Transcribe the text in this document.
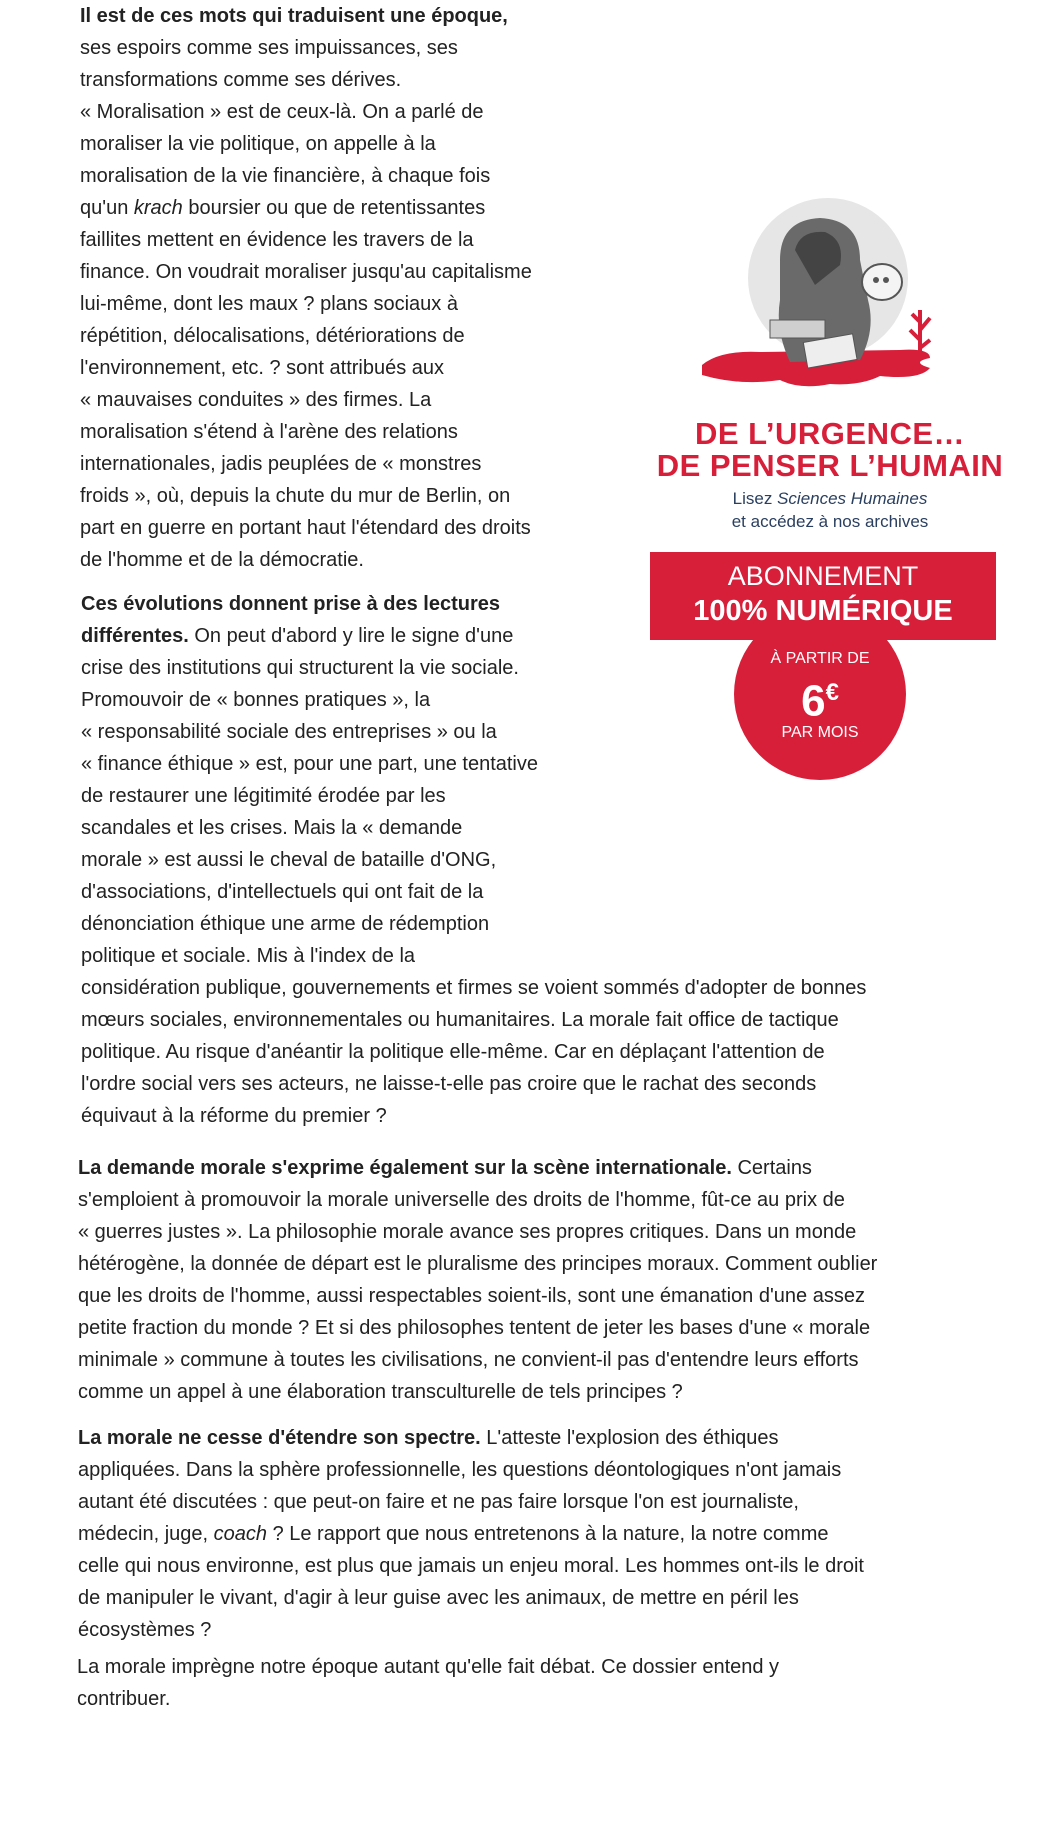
Il est de ces mots qui traduisent une époque,
ses espoirs comme ses impuissances, ses
transformations comme ses dérives.
« Moralisation » est de ceux-là. On a parlé de
moraliser la vie politique, on appelle à la
moralisation de la vie financière, à chaque fois
qu'un krach boursier ou que de retentissantes
faillites mettent en évidence les travers de la
finance. On voudrait moraliser jusqu'au capitalisme
lui-même, dont les maux ? plans sociaux à
répétition, délocalisations, détériorations de
l'environnement, etc. ? sont attribués aux
« mauvaises conduites » des firmes. La
moralisation s'étend à l'arène des relations
internationales, jadis peuplées de « monstres
froids », où, depuis la chute du mur de Berlin, on
part en guerre en portant haut l'étendard des droits
de l'homme et de la démocratie.
Ces évolutions donnent prise à des lectures
différentes. On peut d'abord y lire le signe d'une
crise des institutions qui structurent la vie sociale.
Promouvoir de « bonnes pratiques », la
« responsabilité sociale des entreprises » ou la
« finance éthique » est, pour une part, une tentative
de restaurer une légitimité érodée par les
scandales et les crises. Mais la « demande
morale » est aussi le cheval de bataille d'ONG,
d'associations, d'intellectuels qui ont fait de la
dénonciation éthique une arme de rédemption
politique et sociale. Mis à l'index de la
considération publique, gouvernements et firmes se voient sommés d'adopter de bonnes
mœurs sociales, environnementales ou humanitaires. La morale fait office de tactique
politique. Au risque d'anéantir la politique elle-même. Car en déplaçant l'attention de
l'ordre social vers ses acteurs, ne laisse-t-elle pas croire que le rachat des seconds
équivaut à la réforme du premier ?
La demande morale s'exprime également sur la scène internationale. Certains
s'emploient à promouvoir la morale universelle des droits de l'homme, fût-ce au prix de
« guerres justes ». La philosophie morale avance ses propres critiques. Dans un monde
hétérogène, la donnée de départ est le pluralisme des principes moraux. Comment oublier
que les droits de l'homme, aussi respectables soient-ils, sont une émanation d'une assez
petite fraction du monde ? Et si des philosophes tentent de jeter les bases d'une « morale
minimale » commune à toutes les civilisations, ne convient-il pas d'entendre leurs efforts
comme un appel à une élaboration transculturelle de tels principes ?
La morale ne cesse d'étendre son spectre. L'atteste l'explosion des éthiques
appliquées. Dans la sphère professionnelle, les questions déontologiques n'ont jamais
autant été discutées : que peut-on faire et ne pas faire lorsque l'on est journaliste,
médecin, juge, coach ? Le rapport que nous entretenons à la nature, la notre comme
celle qui nous environne, est plus que jamais un enjeu moral. Les hommes ont-ils le droit
de manipuler le vivant, d'agir à leur guise avec les animaux, de mettre en péril les
écosystèmes ?
La morale imprègne notre époque autant qu'elle fait débat. Ce dossier entend y
contribuer.
DE L’URGENCE…
DE PENSER L’HUMAIN
Lisez Sciences Humaines
et accédez à nos archives
ABONNEMENT
100% NUMÉRIQUE
À PARTIR DE
6€
PAR MOIS
